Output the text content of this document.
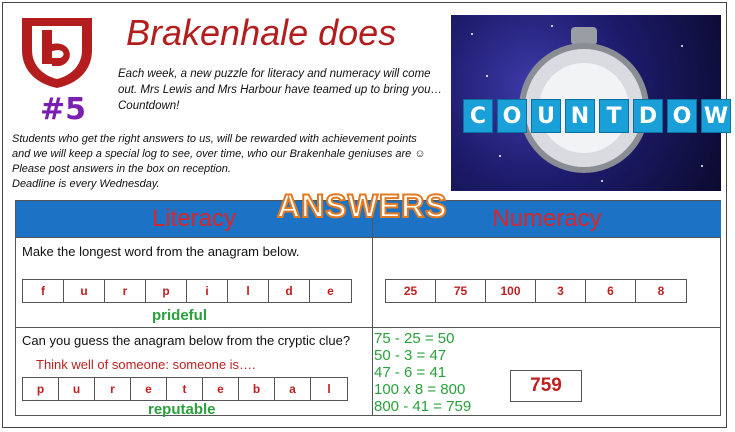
#5
Brakenhale does
Each week, a new puzzle for literacy and numeracy will come out. Mrs Lewis and Mrs Harbour have teamed up to bring you…Countdown!

Students who get the right answers to us, will be rewarded with achievement points

and we will keep a special log to see, over time, who our Brakenhale geniuses are ☺

Please post answers in the box on reception.

Deadline is every Wednesday.

C O U N T D O W
Literacy	Numeracy
ANSWERS
Make the longest word from the anagram below.
f	u	r	p	i	l	d	e
prideful
25	75	100	3	6	8
Can you guess the anagram below from the cryptic clue?
Think well of someone: someone is….
p	u	r	e	t	e	b	a	l
reputable
75 - 25 = 50
50 - 3 = 47
47 - 6 = 41
100 x 8 = 800
800 - 41 = 759
759
